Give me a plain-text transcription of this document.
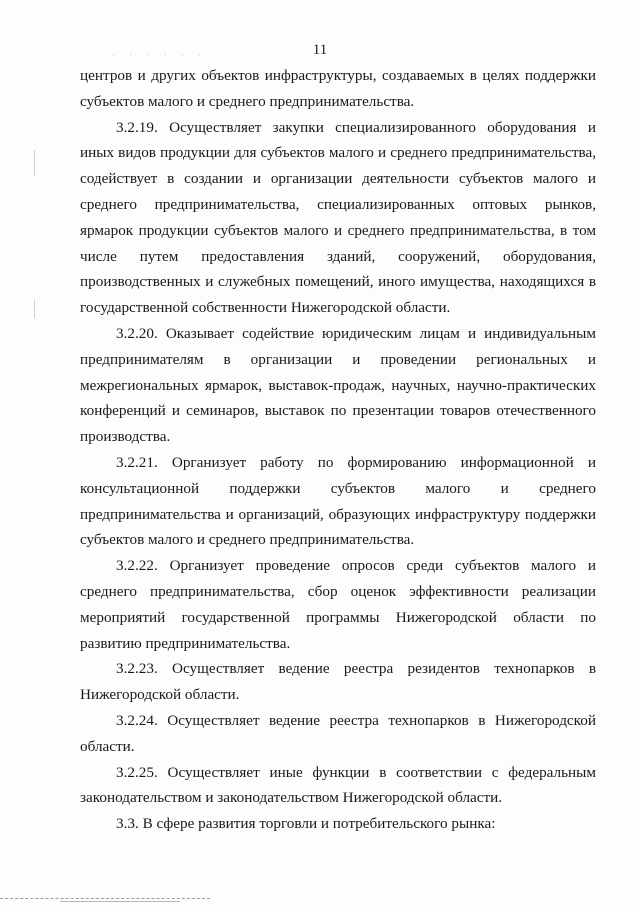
· · · · · ·	11

центров и других объектов инфраструктуры, создаваемых в целях поддержки субъектов малого и среднего предпринимательства.

3.2.19. Осуществляет закупки специализированного оборудования и иных видов продукции для субъектов малого и среднего предпринимательства, содействует в создании и организации деятельности субъектов малого и среднего предпринимательства, специализированных оптовых рынков, ярмарок продукции субъектов малого и среднего предпринимательства, в том числе путем предоставления зданий, сооружений, оборудования, производственных и служебных помещений, иного имущества, находящихся в государственной собственности Нижегородской области.

3.2.20. Оказывает содействие юридическим лицам и индивидуальным предпринимателям в организации и проведении региональных и межрегиональных ярмарок, выставок-продаж, научных, научно-практических конференций и семинаров, выставок по презентации товаров отечественного производства.

3.2.21. Организует работу по формированию информационной и консультационной поддержки субъектов малого и среднего предпринимательства и организаций, образующих инфраструктуру поддержки субъектов малого и среднего предпринимательства.

3.2.22. Организует проведение опросов среди субъектов малого и среднего предпринимательства, сбор оценок эффективности реализации мероприятий государственной программы Нижегородской области по развитию предпринимательства.

3.2.23. Осуществляет ведение реестра резидентов технопарков в Нижегородской области.

3.2.24. Осуществляет ведение реестра технопарков в Нижегородской области.

3.2.25. Осуществляет иные функции в соответствии с федеральным законодательством и законодательством Нижегородской области.

3.3. В сфере развития торговли и потребительского рынка:
